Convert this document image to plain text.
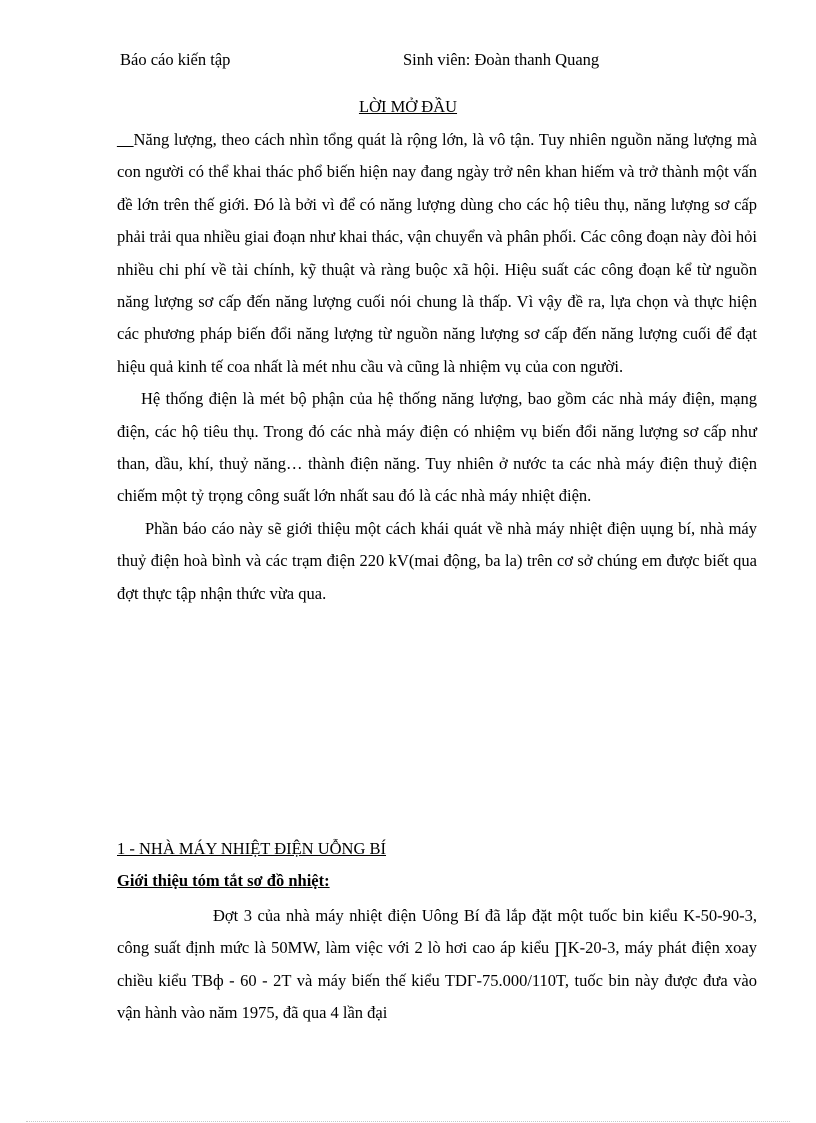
Báo cáo kiến tập	Sinh viên: Đoàn thanh Quang
LỜI MỞ ĐẦU

__Năng lượng, theo cách nhìn tổng quát là rộng lớn, là vô tận. Tuy nhiên nguồn năng lượng mà con người có thể khai thác phổ biến hiện nay đang ngày trở nên khan hiếm và trở thành một vấn đề lớn trên thế giới. Đó là bởi vì để có năng lượng dùng cho các hộ tiêu thụ, năng lượng sơ cấp phải trải qua nhiều giai đoạn như khai thác, vận chuyển và phân phối. Các công đoạn này đòi hỏi nhiều chi phí về tài chính, kỹ thuật và ràng buộc xã hội. Hiệu suất các công đoạn kể từ nguồn năng lượng sơ cấp đến năng lượng cuối nói chung là thấp. Vì vậy đề ra, lựa chọn và thực hiện các phương pháp biến đổi năng lượng từ nguồn năng lượng sơ cấp đến năng lượng cuối để đạt hiệu quả kinh tế coa nhất là mét nhu cầu và cũng là nhiệm vụ của con người.

Hệ thống điện là mét bộ phận của hệ thống năng lượng, bao gồm các nhà máy điện, mạng điện, các hộ tiêu thụ. Trong đó các nhà máy điện có nhiệm vụ biến đổi năng lượng sơ cấp như than, dầu, khí, thuỷ năng… thành điện năng. Tuy nhiên ở nước ta các nhà máy điện thuỷ điện chiếm một tỷ trọng công suất lớn nhất sau đó là các nhà máy nhiệt điện.

Phần báo cáo này sẽ giới thiệu một cách khái quát về nhà máy nhiệt điện uụng bí, nhà máy thuỷ điện hoà bình và các trạm điện 220 kV(mai động, ba la) trên cơ sở chúng em được biết qua đợt thực tập nhận thức vừa qua.

1 - NHÀ MÁY NHIỆT ĐIỆN UỖNG BÍ
Giới thiệu tóm tắt sơ đồ nhiệt:

Đợt 3 của nhà máy nhiệt điện Uông Bí đã lắp đặt một tuốc bin kiểu K-50-90-3, công suất định mức là 50MW, làm việc với 2 lò hơi cao áp kiểu ∏K-20-3, máy phát điện xoay chiều kiểu TBф - 60 - 2T và máy biến thế kiểu TDΓ-75.000/110T, tuốc bin này được đưa vào vận hành vào năm 1975, đã qua 4 lần đại
